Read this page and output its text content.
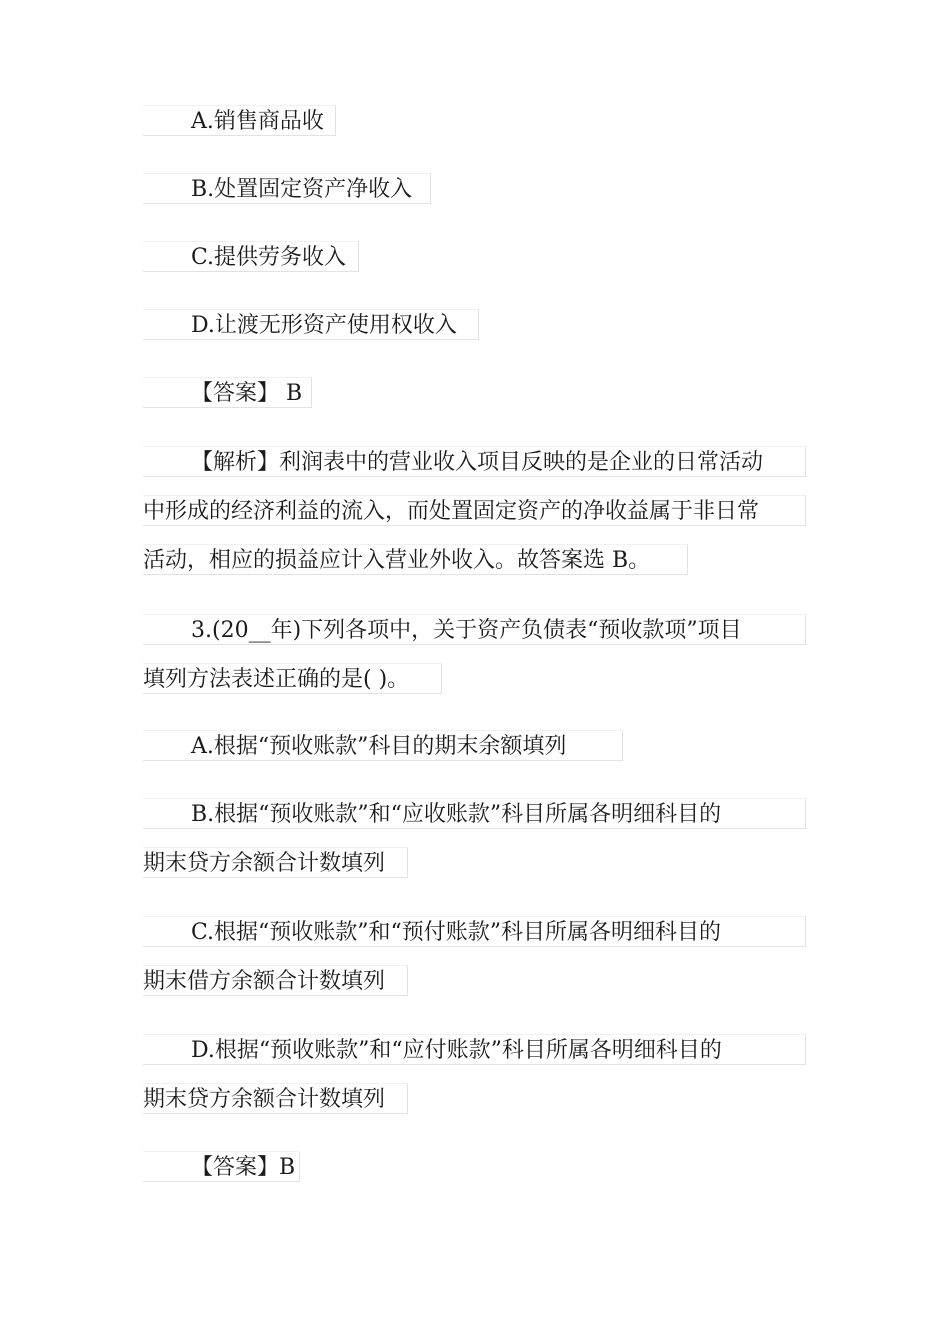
A.销售商品收
B.处置固定资产净收入
C.提供劳务收入
D.让渡无形资产使用权收入
【答案】 B
【解析】利润表中的营业收入项目反映的是企业的日常活动
中形成的经济利益的流入，而处置固定资产的净收益属于非日常
活动，相应的损益应计入营业外收入。故答案选 B。
3.(20__年)下列各项中，关于资产负债表“预收款项”项目
填列方法表述正确的是( )。
A.根据“预收账款”科目的期末余额填列
B.根据“预收账款”和“应收账款”科目所属各明细科目的
期末贷方余额合计数填列
C.根据“预收账款”和“预付账款”科目所属各明细科目的
期末借方余额合计数填列
D.根据“预收账款”和“应付账款”科目所属各明细科目的
期末贷方余额合计数填列
【答案】B
